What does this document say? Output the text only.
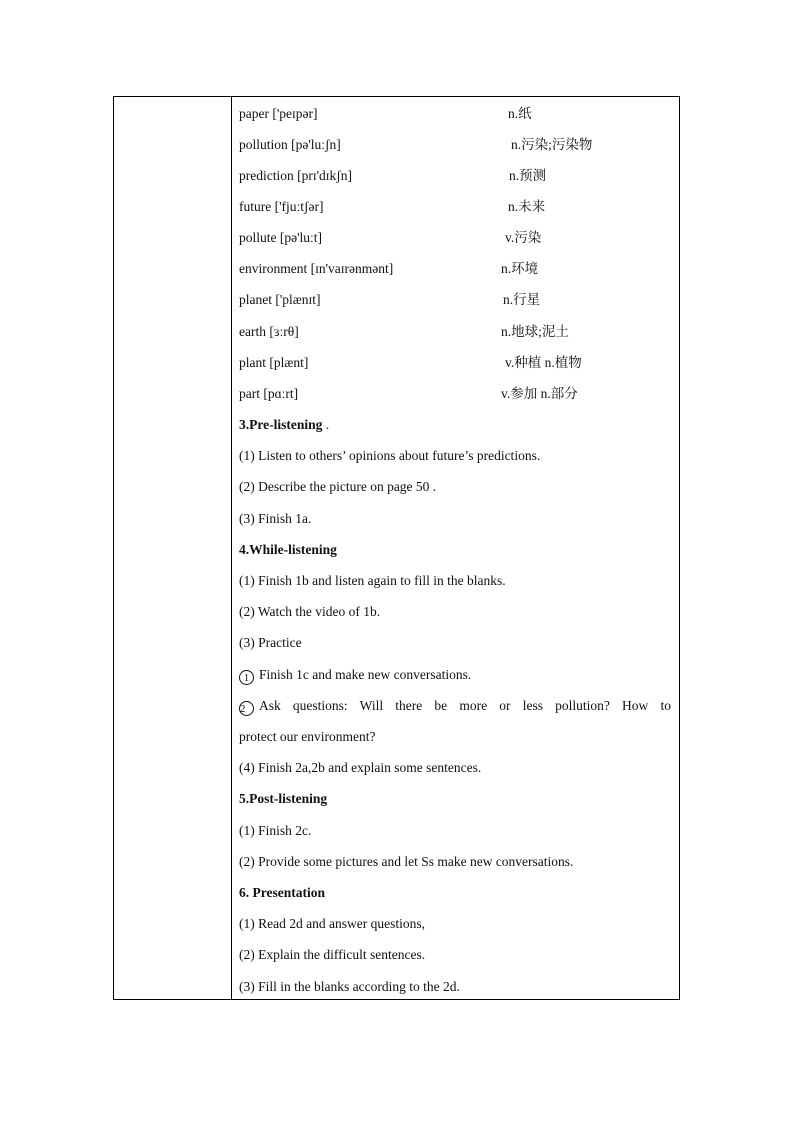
paper ['peɪpər]	n.纸
pollution [pə'luːʃn]	n.污染;污染物
prediction [prɪ'dɪkʃn]	n.预测
future ['fjuːtʃər]	n.未来
pollute [pə'luːt]	v.污染
environment [ɪn'vaɪrənmənt]	n.环境
planet ['plænɪt]	n.行星
earth [ɜːrθ]	n.地球;泥土
plant [plænt]	v.种植 n.植物
part [pɑːrt]	v.参加 n.部分
3.Pre-listening .
(1) Listen to others’ opinions about future’s predictions.
(2) Describe the picture on page 50 .
(3) Finish 1a.
4.While-listening
(1) Finish 1b and listen again to fill in the blanks.
(2) Watch the video of 1b.
(3) Practice
1 Finish 1c and make new conversations.
2 Ask questions: Will there be more or less pollution? How to
protect our environment?
(4) Finish 2a,2b and explain some sentences.
5.Post-listening
(1) Finish 2c.
(2) Provide some pictures and let Ss make new conversations.
6. Presentation
(1) Read 2d and answer questions,
(2) Explain the difficult sentences.
(3) Fill in the blanks according to the 2d.
